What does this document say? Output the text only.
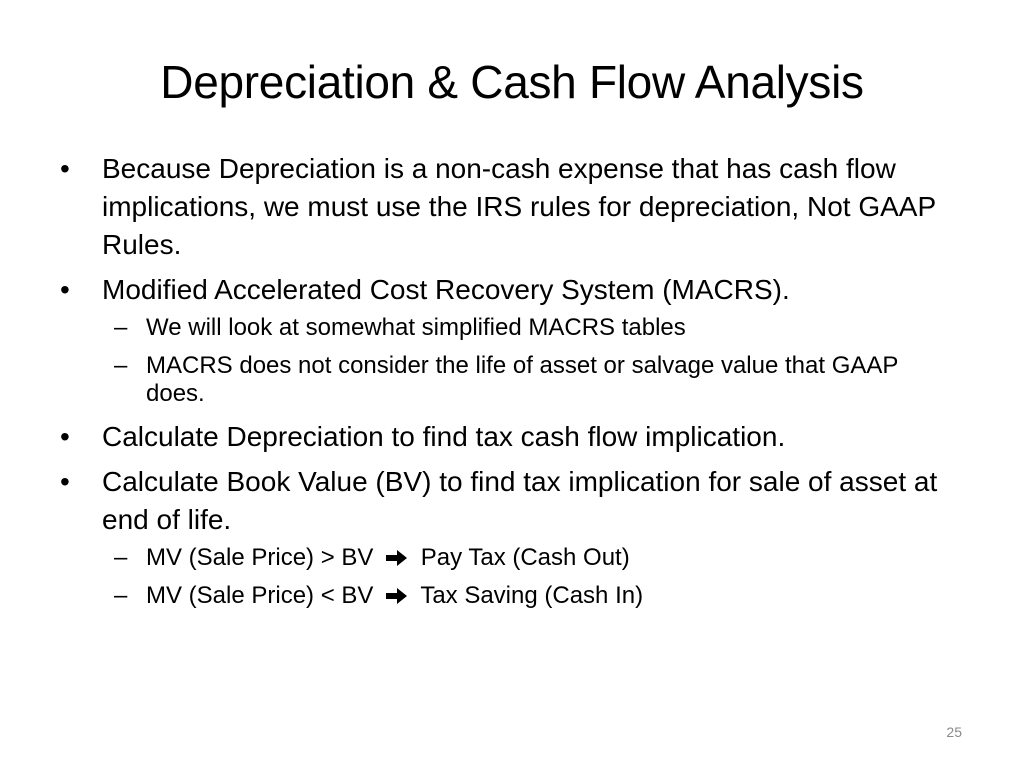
Depreciation & Cash Flow Analysis
•	Because Depreciation is a non-cash expense that has cash flow implications, we must use the IRS rules for depreciation, Not GAAP Rules.
•	Modified Accelerated Cost Recovery System (MACRS).
– We will look at somewhat simplified MACRS tables
– MACRS does not consider the life of asset or salvage value that GAAP does.
•	Calculate Depreciation to find tax cash flow implication.
•	Calculate Book Value (BV) to find tax implication for sale of asset at end of life.
– MV (Sale Price) > BV Pay Tax (Cash Out)
– MV (Sale Price) < BV Tax Saving (Cash In)
25
